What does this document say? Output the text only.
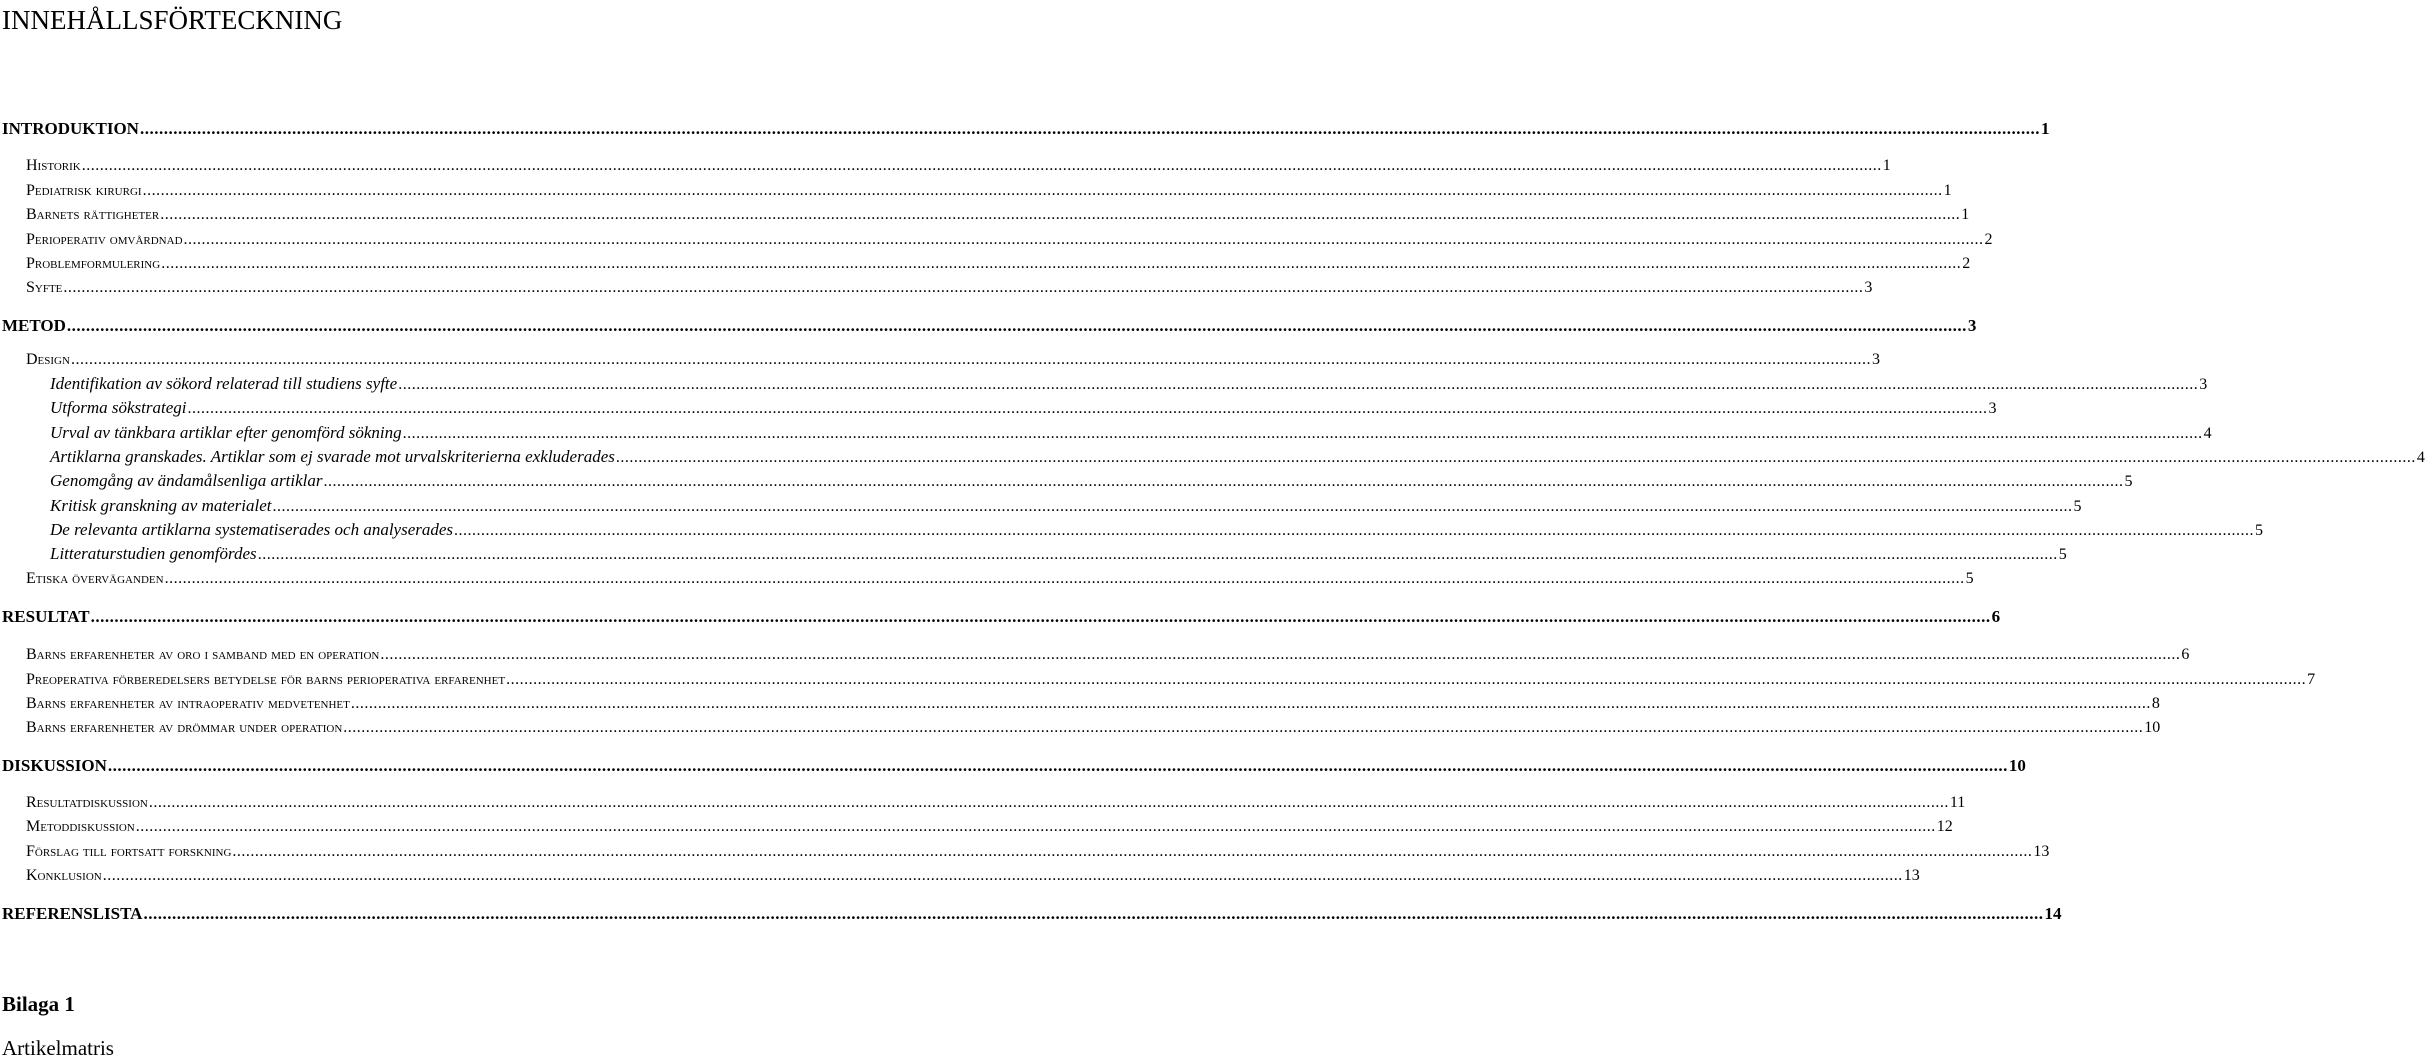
INNEHÅLLSFÖRTECKNING
INTRODUKTION ................................................................................................................................................................................................................................................................................................................................................................................................................ 1
Historik ................................................................................................................................................................................................................................................................................................................................................................................................................ 1
Pediatrisk kirurgi ................................................................................................................................................................................................................................................................................................................................................................................................................ 1
Barnets rättigheter ................................................................................................................................................................................................................................................................................................................................................................................................................ 1
Perioperativ omvårdnad ................................................................................................................................................................................................................................................................................................................................................................................................................ 2
Problemformulering ................................................................................................................................................................................................................................................................................................................................................................................................................ 2
Syfte ................................................................................................................................................................................................................................................................................................................................................................................................................ 3
METOD ................................................................................................................................................................................................................................................................................................................................................................................................................ 3
Design ................................................................................................................................................................................................................................................................................................................................................................................................................ 3
Identifikation av sökord relaterad till studiens syfte ................................................................................................................................................................................................................................................................................................................................................................................................................ 3
Utforma sökstrategi ................................................................................................................................................................................................................................................................................................................................................................................................................ 3
Urval av tänkbara artiklar efter genomförd sökning ................................................................................................................................................................................................................................................................................................................................................................................................................ 4
Artiklarna granskades. Artiklar som ej svarade mot urvalskriterierna exkluderades ................................................................................................................................................................................................................................................................................................................................................................................................................ 4
Genomgång av ändamålsenliga artiklar ................................................................................................................................................................................................................................................................................................................................................................................................................ 5
Kritisk granskning av materialet ................................................................................................................................................................................................................................................................................................................................................................................................................ 5
De relevanta artiklarna systematiserades och analyserades ................................................................................................................................................................................................................................................................................................................................................................................................................ 5
Litteraturstudien genomfördes ................................................................................................................................................................................................................................................................................................................................................................................................................ 5
Etiska överväganden ................................................................................................................................................................................................................................................................................................................................................................................................................ 5
RESULTAT ................................................................................................................................................................................................................................................................................................................................................................................................................ 6
Barns erfarenheter av oro i samband med en operation ................................................................................................................................................................................................................................................................................................................................................................................................................ 6
Preoperativa förberedelsers betydelse för barns perioperativa erfarenhet ................................................................................................................................................................................................................................................................................................................................................................................................................ 7
Barns erfarenheter av intraoperativ medvetenhet ................................................................................................................................................................................................................................................................................................................................................................................................................ 8
Barns erfarenheter av drömmar under operation ................................................................................................................................................................................................................................................................................................................................................................................................................ 10
DISKUSSION ................................................................................................................................................................................................................................................................................................................................................................................................................ 10
Resultatdiskussion ................................................................................................................................................................................................................................................................................................................................................................................................................ 11
Metoddiskussion ................................................................................................................................................................................................................................................................................................................................................................................................................ 12
Förslag till fortsatt forskning ................................................................................................................................................................................................................................................................................................................................................................................................................ 13
Konklusion ................................................................................................................................................................................................................................................................................................................................................................................................................ 13
REFERENSLISTA ................................................................................................................................................................................................................................................................................................................................................................................................................ 14
Bilaga 1
Artikelmatris
